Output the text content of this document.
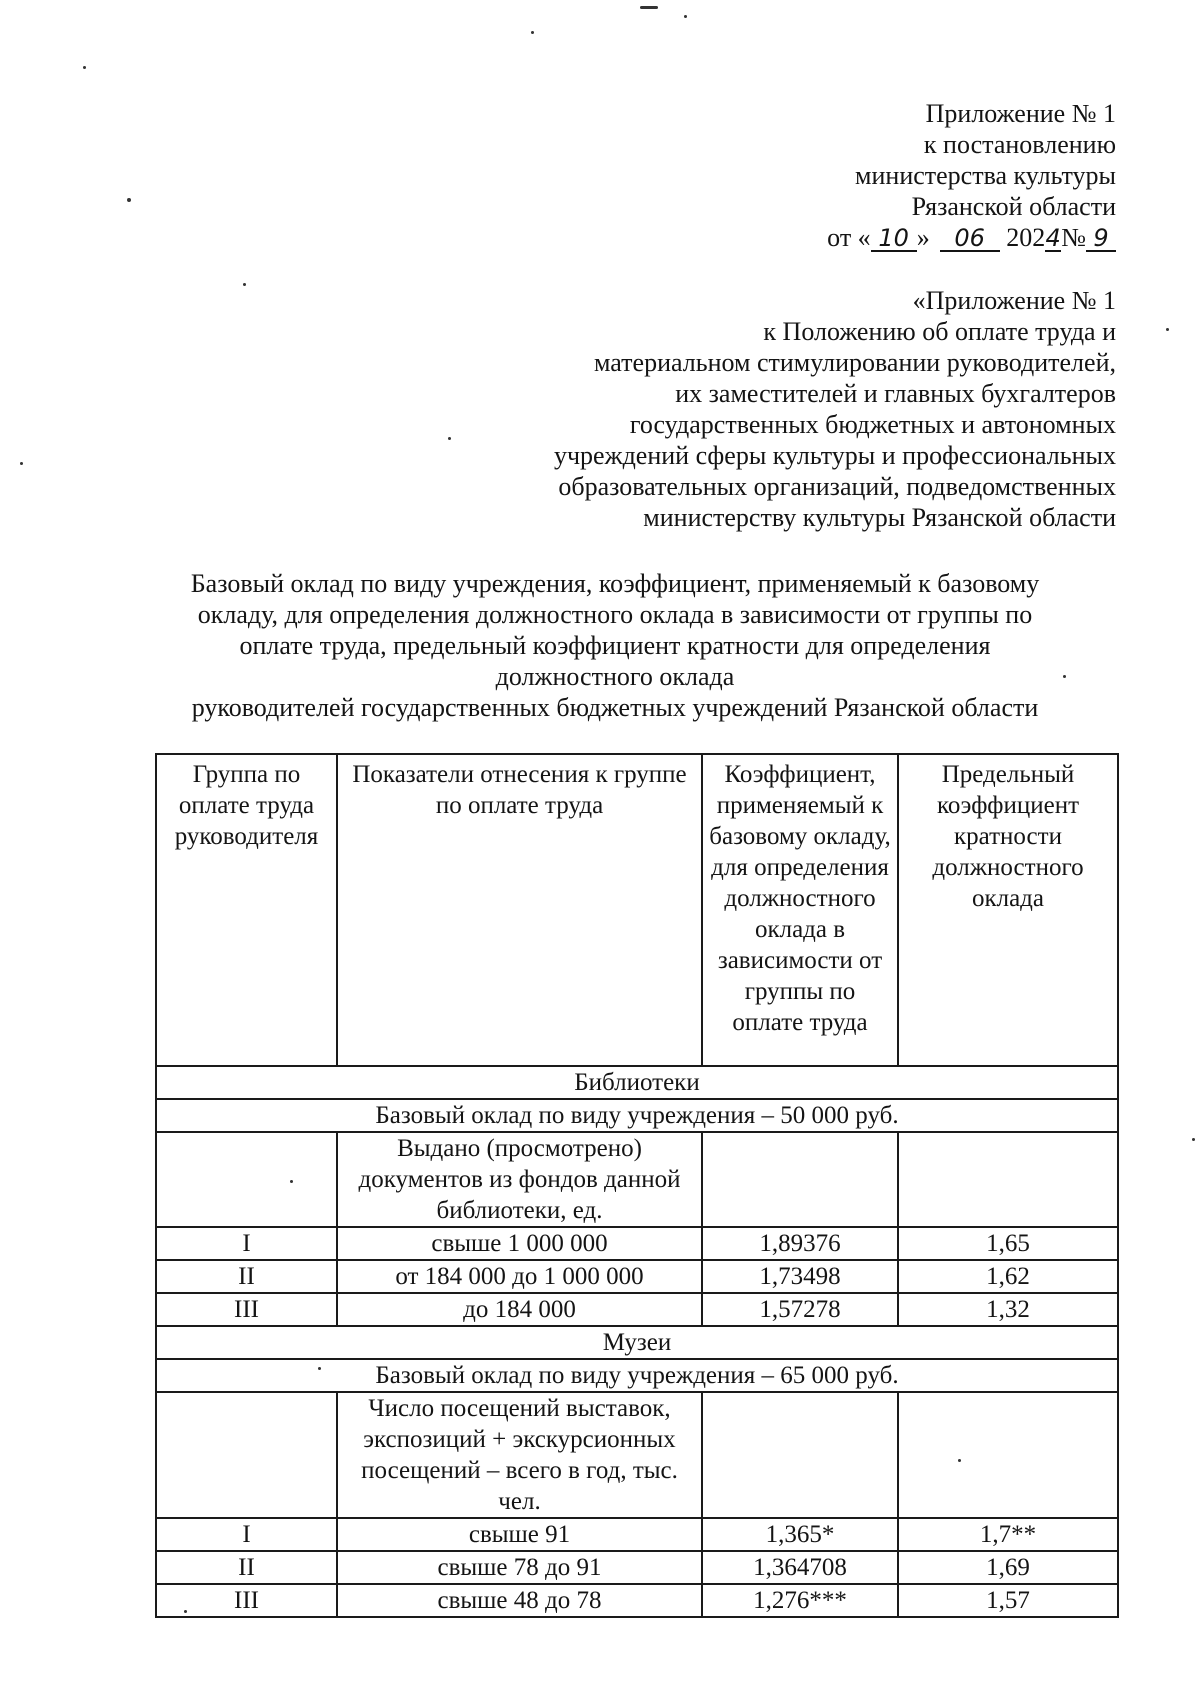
Приложение № 1
к постановлению
министерства культуры
Рязанской области
от « 10 » 06 2024№ 9
«Приложение № 1
к Положению об оплате труда и
материальном стимулировании руководителей,
их заместителей и главных бухгалтеров
государственных бюджетных и автономных
учреждений сферы культуры и профессиональных
образовательных организаций, подведомственных
министерству культуры Рязанской области
Базовый оклад по виду учреждения, коэффициент, применяемый к базовому
окладу, для определения должностного оклада в зависимости от группы по
оплате труда, предельный коэффициент кратности для определения
должностного оклада
руководителей государственных бюджетных учреждений Рязанской области
Группа по оплате труда руководителя	Показатели отнесения к группе по оплате труда	Коэффициент, применяемый к базовому окладу, для определения должностного оклада в зависимости от группы по оплате труда	Предельный коэффициент кратности должностного оклада
Библиотеки			
Базовый оклад по виду учреждения – 50 000 руб.			
	Выдано (просмотрено) документов из фондов данной библиотеки, ед.		
I	свыше 1 000 000	1,89376	1,65
II	от 184 000 до 1 000 000	1,73498	1,62
III	до 184 000	1,57278	1,32
Музеи			
Базовый оклад по виду учреждения – 65 000 руб.			
	Число посещений выставок, экспозиций + экскурсионных посещений – всего в год, тыс. чел.		
I	свыше 91	1,365*	1,7**
II	свыше 78 до 91	1,364708	1,69
III	свыше 48 до 78	1,276***	1,57
